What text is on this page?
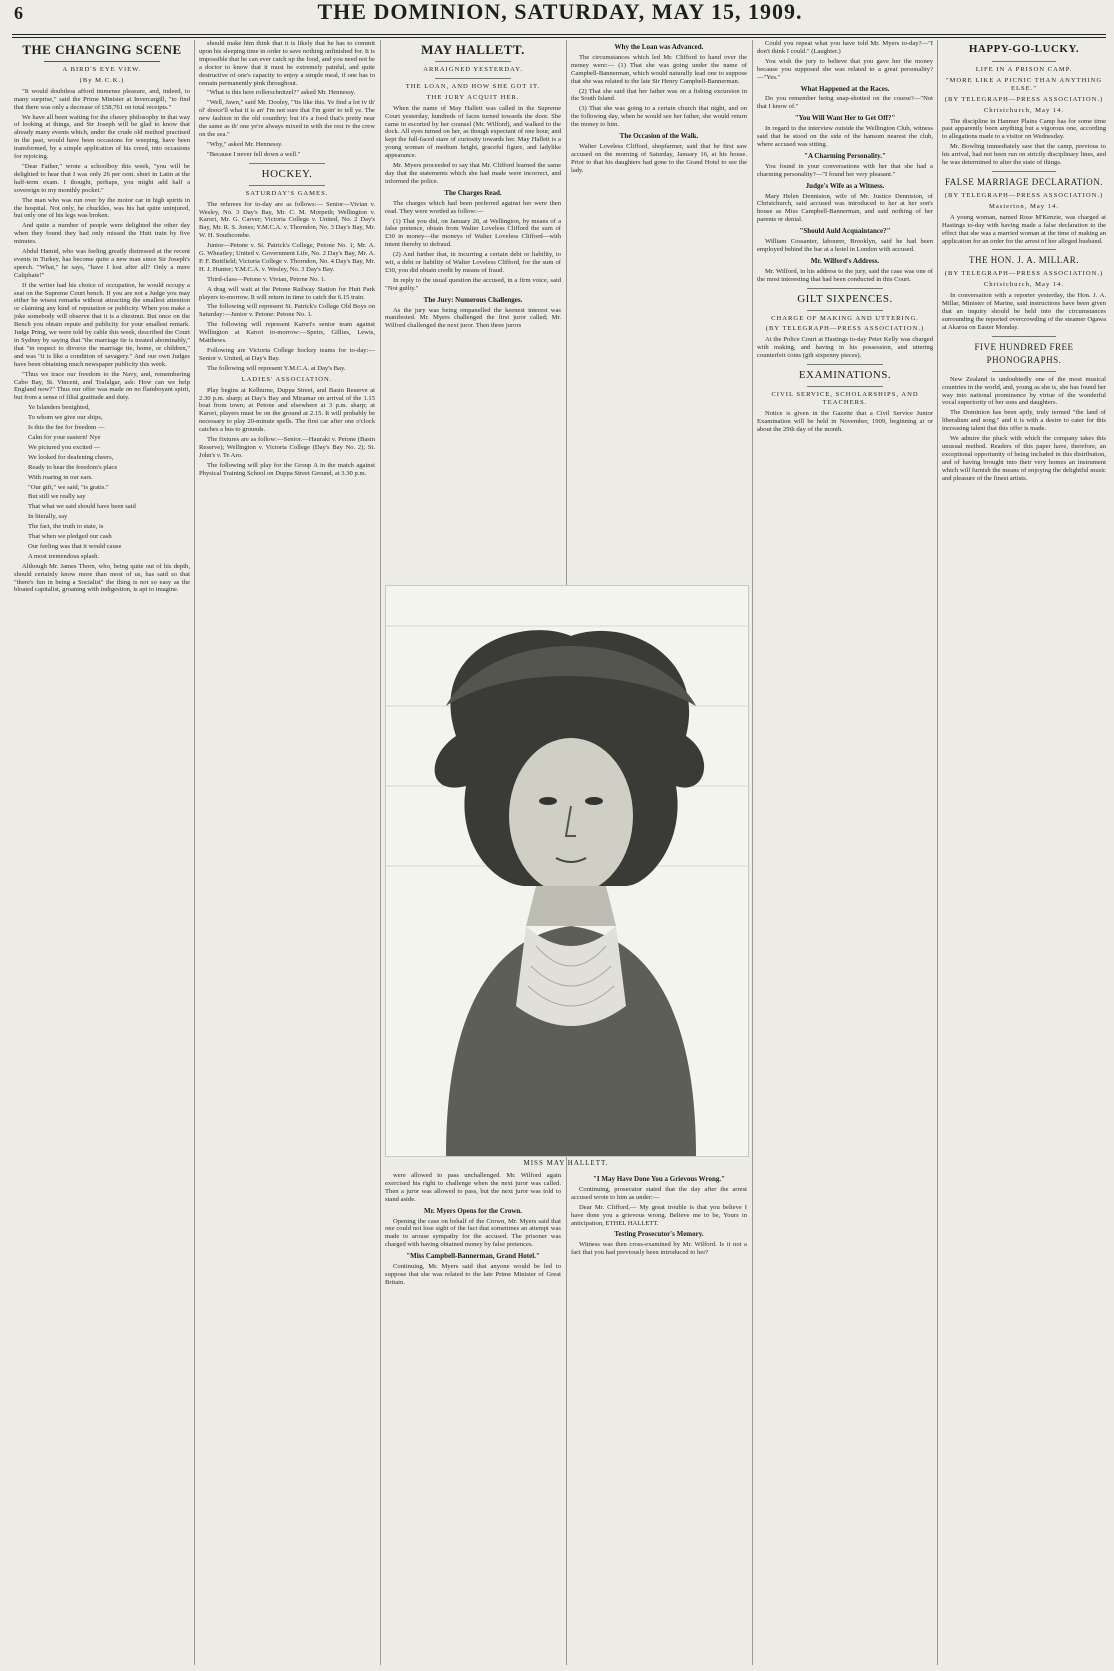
6	THE DOMINION, SATURDAY, MAY 15, 1909.
THE CHANGING SCENE
A BIRD'S EYE VIEW.
(By M.C.K.)

"It would doubtless afford immense pleasure, and, indeed, to many surprise," said the Prime Minister at Invercargill, "to find that there was only a decrease of £58,761 on total receipts."

We have all been waiting for the cheery philosophy in that way of looking at things, and Sir Joseph will be glad to know that already many events which, under the crude old method practised in the past, would have been occasions for weeping, have been transformed, by a simple application of his creed, into occasions for rejoicing.

"Dear Father," wrote a schoolboy this week, "you will be delighted to hear that I was only 26 per cent. short in Latin at the half-term exam. I thought, perhaps, you might add half a sovereign to my monthly pocket."

The man who was run over by the motor car in high spirits in the hospital. Not only, he chuckles, was his hat quite uninjured, but only one of his legs was broken.

And quite a number of people were delighted the other day when they found they had only missed the Hutt train by five minutes.

Abdul Hamid, who was feeling greatly distressed at the recent events in Turkey, has become quite a new man since Sir Joseph's speech. "What," he says, "have I lost after all? Only a mere Caliphate!"

If the writer had his choice of occupation, he would occupy a seat on the Supreme Court bench. If you are not a Judge you may either be wisest remarks without attracting the smallest attention or claiming any kind of reputation or publicity. When you make a joke somebody will observe that it is a chestnut. But once on the Bench you obtain repute and publicity for your smallest remark. Judge Pring, we were told by cable this week, described the Court in Sydney by saying that "the marriage tie is treated abominably," that "in respect to divorce the marriage tie, home, or children," and was "it is like a condition of savagery." And our own Judges have been obtaining much newspaper publicity this week.

"Thus we trace our freedom to the Navy, and, remembering Cabo Bay, St. Vincent, and Trafalgar, ask: How can we help England now?" Thus our offer was made on no flamboyant spirit, but from a sense of filial gratitude and duty.

Ye Islanders benighted,

To whom we give our ships,

Is this the fee for freedom —

Calm for your eastern! Nye

We pictured you excited —

We looked for deafening cheers,

Ready to hear the freedom's place

With roaring in our ears.

"Our gift," we said, "is gratis."

But still we really say

That what we said should have been said

In literally, say

The fact, the truth to state, is

That when we pledged our cash

Our feeling was that it would cause

A most tremendous splash.

Although Mr. James Thorn, who, being quite out of his depth, should certainly know more than most of us, has said so that "there's fun in being a Socialist" the thing is not so easy as the bloated capitalist, groaning with indigestion, is apt to imagine.

should make him think that it is likely that he has to commit upon his sleeping time in order to save nothing unfinished for. It is impossible that he can ever catch up the food, and you need not be a doctor to know that it must be extremely painful, and quite destructive of one's capacity to enjoy a simple meal, if one has to remain permanently pink throughout.

"What is this here rollerschnitzel?" asked Mr. Hennessy.

"Well, Jawn," said Mr. Dooley, "'tis like this. Ye find a lot iv th' ol' dooce'll what it is an' I'm not sure that I'm goin' to tell ye. The new fashion in the old counthry; but it's a food that's pretty near the same as th' one ye're always mixed in with the rest iv the crew on the sea."

"Why," asked Mr. Hennessy.

"Because I never fell down a well."

HOCKEY.
SATURDAY'S GAMES.

The referees for to-day are as follows:— Senior—Vivian v. Wesley, No. 3 Day's Bay, Mr. C. M. Morpeth; Wellington v. Karori, Mr. G. Carver; Victoria College v. United, No. 2 Day's Bay, Mr. R. S. Jones; Y.M.C.A. v. Thorndon, No. 3 Day's Bay, Mr. W. H. Southcombe.

Junior—Petone v. St. Patrick's College, Petone No. 1; Mr. A. G. Wheatley; United v. Government Life, No. 2 Day's Bay, Mr. A. P. F. Buttfield; Victoria College v. Thorndon, No. 4 Day's Bay, Mr. H. J. Hunter; Y.M.C.A. v. Wesley, No. 3 Day's Bay.

Third-class—Petone v. Vivian, Petone No. 1.

A drag will wait at the Petone Railway Station for Hutt Park players to-morrow. It will return in time to catch the 6.15 train.

The following will represent St. Patrick's College Old Boys on Saturday:—Junior v. Petone: Petone No. 1.

The following will represent Karori's senior team against Wellington at Karori to-morrow:—Speirs, Gillies, Lewis, Matthews.

Following are Victoria College hockey teams for to-day:—Senior v. United, at Day's Bay.

The following will represent Y.M.C.A. at Day's Bay.

LADIES' ASSOCIATION.

Play begins at Kelburne, Duppa Street, and Basin Reserve at 2.30 p.m. sharp; at Day's Bay and Miramar on arrival of the 1.15 boat from town; at Petone and elsewhere at 3 p.m. sharp; at Karori, players must be on the ground at 2.15. It will probably be necessary to play 20-minute spells. The first car after one o'clock catches a bus to grounds.

The fixtures are as follow:—Senior.—Hauraki v. Petone (Basin Reserve); Wellington v. Victoria College (Day's Bay No. 2); St. John's v. Te Aro.

The following will play for the Group A in the match against Physical Training School on Duppa Street Ground, at 3.30 p.m.

MAY HALLETT.
ARRAIGNED YESTERDAY.
THE LOAN, AND HOW SHE GOT IT.
THE JURY ACQUIT HER.

When the name of May Hallett was called in the Supreme Court yesterday, hundreds of faces turned towards the door. She came in escorted by her counsel (Mr. Wilford), and walked to the dock. All eyes turned on her, as though expectant of one hour, and kept the full-faced stare of curiosity towards her. May Hallett is a young woman of medium height, graceful figure, and ladylike appearance.

Mr. Myers proceeded to say that Mr. Clifford learned the same day that the statements which she had made were incorrect, and informed the police.

The Charges Read.

The charges which had been preferred against her were then read. They were worded as follow:—

(1) That you did, on January 20, at Wellington, by means of a false pretence, obtain from Walter Loveless Clifford the sum of £30 in money—the moneys of Walter Loveless Clifford—with intent thereby to defraud.

(2) And further that, in incurring a certain debt or liability, to wit, a debt or liability of Walter Loveless Clifford, for the sum of £30, you did obtain credit by means of fraud.

In reply to the usual question the accused, in a firm voice, said "Not guilty."

The Jury: Numerous Challenges.

As the jury was being empanelled the keenest interest was manifested. Mr. Myers challenged the first juror called; Mr. Wilford challenged the next juror. Then three jurors

Why the Loan was Advanced.

The circumstances which led Mr. Clifford to hand over the money were:— (1) That she was going under the name of Campbell-Bannerman, which would naturally lead one to suppose that she was related to the late Sir Henry Campbell-Bannerman.

(2) That she said that her father was on a fishing excursion in the South Island.

(3) That she was going to a certain church that night, and on the following day, when he would see her father, she would return the money to him.

The Occasion of the Walk.

Walter Loveless Clifford, shopfarmer, said that he first saw accused on the morning of Saturday, January 16, at his house. Prior to that his daughters had gone to the Grand Hotel to see the lady.

MISS MAY HALLETT.

were allowed to pass unchallenged. Mr. Wilford again exercised his right to challenge when the next juror was called. Then a juror was allowed to pass, but the next juror was told to stand aside.

Mr. Myers Opens for the Crown.

Opening the case on behalf of the Crown, Mr. Myers said that one could not lose sight of the fact that sometimes an attempt was made to arouse sympathy for the accused. The prisoner was charged with having obtained money by false pretences.

"Miss Campbell-Bannerman, Grand Hotel."

Continuing, Mr. Myers said that anyone would be led to suppose that she was related to the late Prime Minister of Great Britain.

"I May Have Done You a Grievous Wrong."

Continuing, prosecutor stated that the day after the arrest accused wrote to him as under:—

Dear Mr. Clifford,— My great trouble is that you believe I have done you a grievous wrong. Believe me to be, Yours in anticipation, ETHEL HALLETT.

Testing Prosecutor's Memory.

Witness was then cross-examined by Mr. Wilford. Is it not a fact that you had previously been introduced to her?

Could you repeat what you have told Mr. Myers to-day?—"I don't think I could." (Laughter.)

You wish the jury to believe that you gave her the money because you supposed she was related to a great personality?—"Yes."

What Happened at the Races.

Do you remember being snap-shotted on the course?—"Not that I know of."

"You Will Want Her to Get Off?"

In regard to the interview outside the Wellington Club, witness said that he stood on the side of the hansom nearest the club, where accused was sitting.

"A Charming Personality."

You found in your conversations with her that she had a charming personality?—"I found her very pleasant."

Judge's Wife as a Witness.

Mary Helen Denniston, wife of Mr. Justice Denniston, of Christchurch, said accused was introduced to her at her son's house as Miss Campbell-Bannerman, and said nothing of her parents or denial.

"Should Auld Acquaintance?"

William Cossanter, labourer, Brooklyn, said he had been employed behind the bar at a hotel in London with accused.

Mr. Wilford's Address.

Mr. Wilford, in his address to the jury, said the case was one of the most interesting that had been conducted in this Court.

GILT SIXPENCES.
CHARGE OF MAKING AND UTTERING.
(BY TELEGRAPH—PRESS ASSOCIATION.)

At the Police Court at Hastings to-day Peter Kelly was charged with making, and having in his possession, and uttering counterfeit coins (gilt sixpenny pieces).

EXAMINATIONS.
CIVIL SERVICE, SCHOLARSHIPS, AND TEACHERS.

Notice is given in the Gazette that a Civil Service Junior Examination will be held in November, 1909, beginning at or about the 29th day of the month.

HAPPY-GO-LUCKY.
LIFE IN A PRISON CAMP.
"MORE LIKE A PICNIC THAN ANYTHING ELSE."
(BY TELEGRAPH—PRESS ASSOCIATION.)
Christchurch, May 14.

The discipline in Hanmer Plains Camp has for some time past apparently been anything but a vigorous one, according to allegations made to a visitor on Wednesday.

Mr. Bowling immediately saw that the camp, previous to his arrival, had not been run on strictly disciplinary lines, and he was determined to alter the state of things.

FALSE MARRIAGE DECLARATION.
(BY TELEGRAPH—PRESS ASSOCIATION.)
Masterton, May 14.

A young woman, named Rose M'Kenzie, was charged at Hastings to-day with having made a false declaration to the effect that she was a married woman at the time of making an application for an order for the arrest of her alleged husband.

THE HON. J. A. MILLAR.
(BY TELEGRAPH—PRESS ASSOCIATION.)
Christchurch, May 14.

In conversation with a reporter yesterday, the Hon. J. A. Millar, Minister of Marine, said instructions have been given that an inquiry should be held into the circumstances surrounding the reported overcrowding of the steamer Ogawa at Akaroa on Easter Monday.

FIVE HUNDRED FREE PHONOGRAPHS.

New Zealand is undoubtedly one of the most musical countries in the world, and, young as she is, she has found her way into national prominence by virtue of the wonderful vocal superiority of her sons and daughters.

The Dominion has been aptly, truly termed "the land of liberalism and song," and it is with a desire to cater for this increasing talent that this offer is made.

We admire the pluck with which the company takes this unusual method. Readers of this paper have, therefore, an exceptional opportunity of being included in this distribution, and of having brought into their very homes an instrument which will furnish the means of enjoying the delightful music and pleasure of the finest artists.
